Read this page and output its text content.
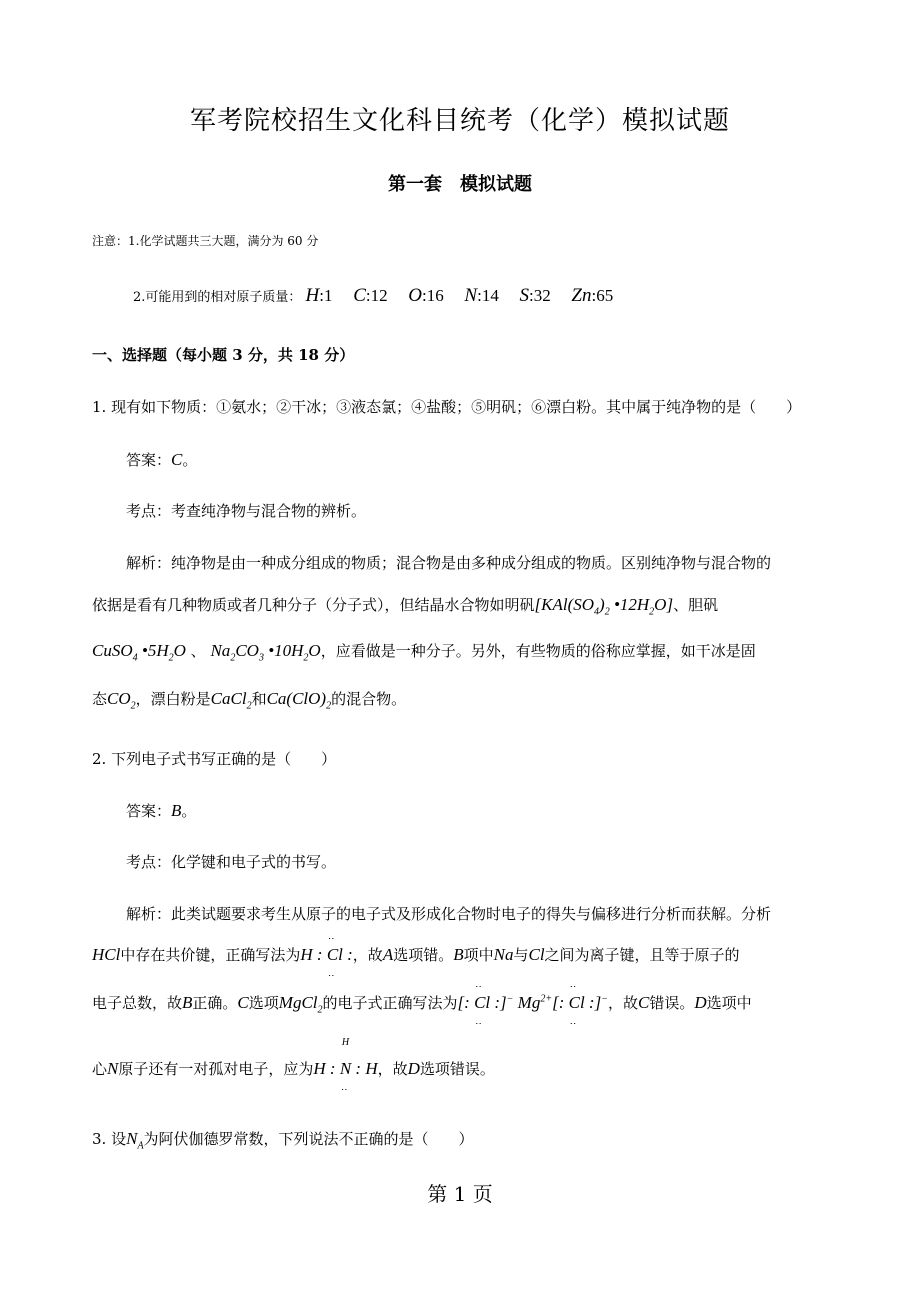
军考院校招生文化科目统考（化学）模拟试题
第一套　模拟试题
注意：1.化学试题共三大题，满分为 60 分
2.可能用到的相对原子质量： H:1 C:12 O:16 N:14 S:32 Zn:65
一、选择题（每小题 3 分，共 18 分）
1. 现有如下物质：①氨水；②干冰；③液态氯；④盐酸；⑤明矾；⑥漂白粉。其中属于纯净物的是（　　）
答案：C。
考点：考查纯净物与混合物的辨析。
解析：纯净物是由一种成分组成的物质；混合物是由多种成分组成的物质。区别纯净物与混合物的
依据是看有几种物质或者几种分子（分子式），但结晶水合物如明矾[$KAl(SO_4)_2$ $•12H_2O$]、胆矾
CuSO$_4$ $•5H_2O$ 、 $Na_2CO_3$ $•10H_2O$，应看做是一种分子。另外，有些物质的俗称应掌握，如干冰是固
态$CO_2$，漂白粉是CaCl$_2$和$Ca(ClO)_2$的混合物。
2. 下列电子式书写正确的是（　　）
答案：B。
考点：化学键和电子式的书写。
解析：此类试题要求考生从原子的电子式及形成化合物时电子的得失与偏移进行分析而获解。分析
HCl中存在共价键，正确写法为H : ‥ Cl ‥ :，故A选项错。B项中Na与Cl之间为离子键，且等于原子的
电子总数，故B正确。C选项MgCl$_2$的电子式正确写法为[: ‥ Cl ‥ :]− $Mg^{2+}$[: ‥ Cl ‥ :]−，故C错误。D选项中
心N原子还有一对孤对电子，应为H :
H
N ‥ : H，故D选项错误。
3. 设$N_A$为阿伏伽德罗常数，下列说法不正确的是（　　）
第 1 页
